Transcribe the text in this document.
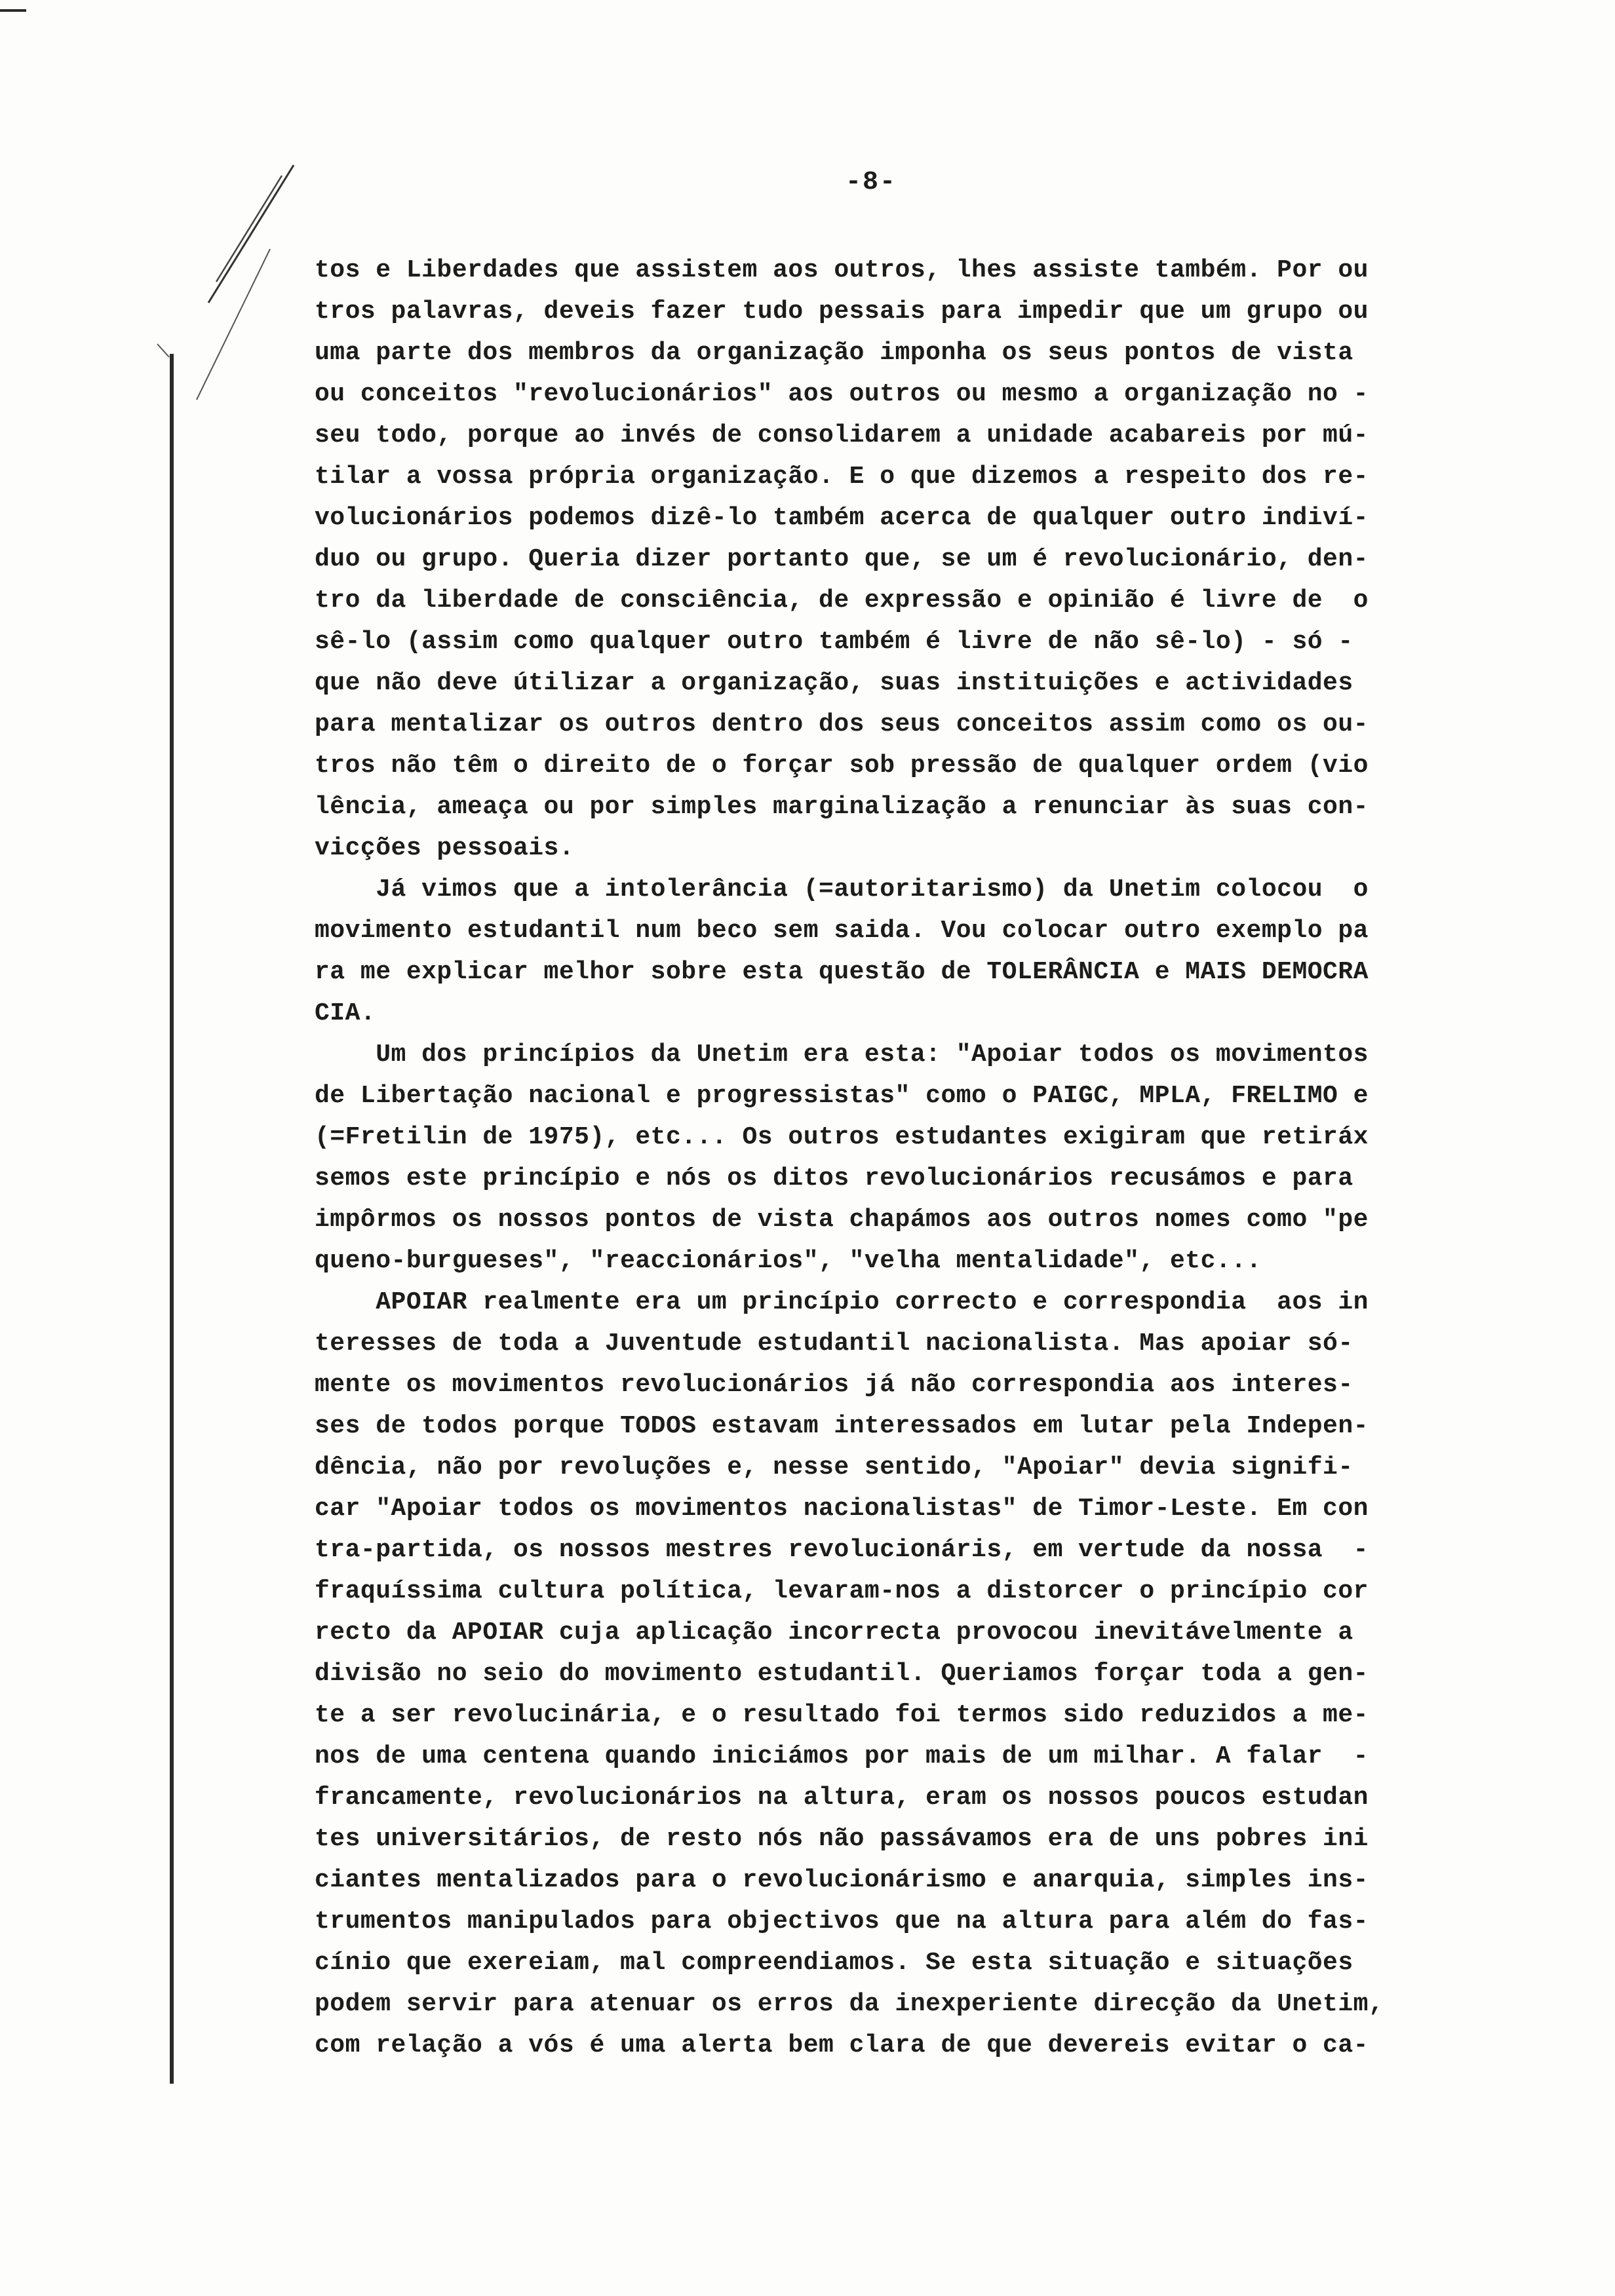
-8-
tos e Liberdades que assistem aos outros, lhes assiste também. Por ou
tros palavras, deveis fazer tudo pessais para impedir que um grupo ou
uma parte dos membros da organização imponha os seus pontos de vista
ou conceitos "revolucionários" aos outros ou mesmo a organização no -
seu todo, porque ao invés de consolidarem a unidade acabareis por mú-
tilar a vossa própria organização. E o que dizemos a respeito dos re-
volucionários podemos dizê-lo também acerca de qualquer outro indiví-
duo ou grupo. Queria dizer portanto que, se um é revolucionário, den-
tro da liberdade de consciência, de expressão e opinião é livre de  o
sê-lo (assim como qualquer outro também é livre de não sê-lo) - só -
que não deve útilizar a organização, suas instituições e actividades
para mentalizar os outros dentro dos seus conceitos assim como os ou-
tros não têm o direito de o forçar sob pressão de qualquer ordem (vio
lência, ameaça ou por simples marginalização a renunciar às suas con-
vicções pessoais.
Já vimos que a intolerância (=autoritarismo) da Unetim colocou  o
movimento estudantil num beco sem saida. Vou colocar outro exemplo pa
ra me explicar melhor sobre esta questão de TOLERÂNCIA e MAIS DEMOCRA
CIA.
Um dos princípios da Unetim era esta: "Apoiar todos os movimentos
de Libertação nacional e progressistas" como o PAIGC, MPLA, FRELIMO e
(=Fretilin de 1975), etc... Os outros estudantes exigiram que retiráx
semos este princípio e nós os ditos revolucionários recusámos e para
impôrmos os nossos pontos de vista chapámos aos outros nomes como "pe
queno-burgueses", "reaccionários", "velha mentalidade", etc...
APOIAR realmente era um princípio correcto e correspondia  aos in
teresses de toda a Juventude estudantil nacionalista. Mas apoiar só-
mente os movimentos revolucionários já não correspondia aos interes-
ses de todos porque TODOS estavam interessados em lutar pela Indepen-
dência, não por revoluções e, nesse sentido, "Apoiar" devia signifi-
car "Apoiar todos os movimentos nacionalistas" de Timor-Leste. Em con
tra-partida, os nossos mestres revolucionáris, em vertude da nossa  -
fraquíssima cultura política, levaram-nos a distorcer o princípio cor
recto da APOIAR cuja aplicação incorrecta provocou inevitávelmente a
divisão no seio do movimento estudantil. Queriamos forçar toda a gen-
te a ser revolucinária, e o resultado foi termos sido reduzidos a me-
nos de uma centena quando iniciámos por mais de um milhar. A falar  -
francamente, revolucionários na altura, eram os nossos poucos estudan
tes universitários, de resto nós não passávamos era de uns pobres ini
ciantes mentalizados para o revolucionárismo e anarquia, simples ins-
trumentos manipulados para objectivos que na altura para além do fas-
cínio que exereiam, mal compreendiamos. Se esta situação e situações
podem servir para atenuar os erros da inexperiente direcção da Unetim,
com relação a vós é uma alerta bem clara de que devereis evitar o ca-
